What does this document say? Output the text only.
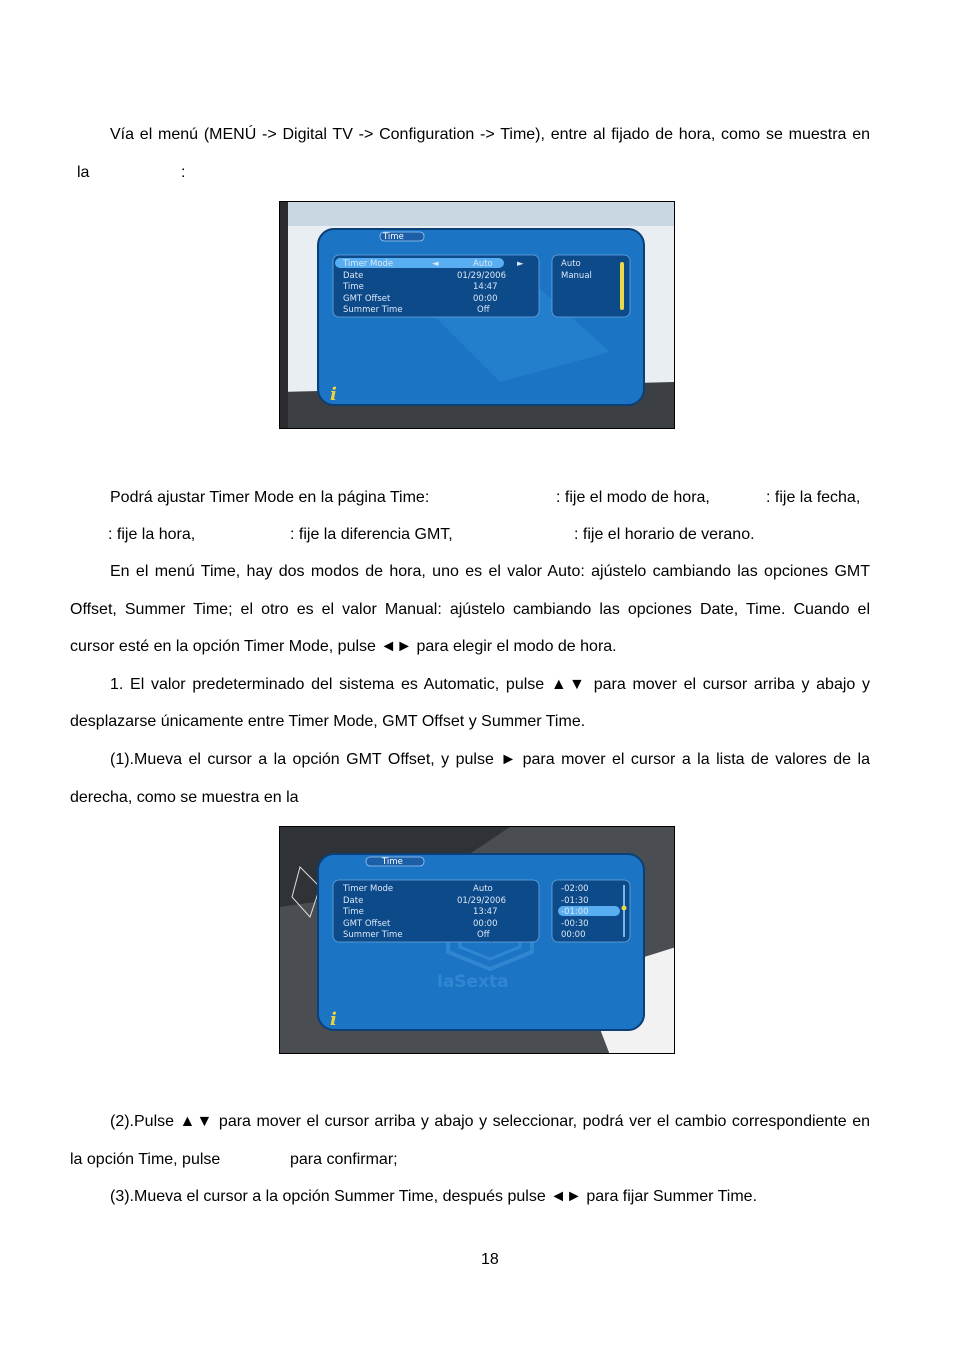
Vía el menú (MENÚ -> Digital TV -> Configuration -> Time), entre al fijado de hora, como se muestra en
la	:
Time
Timer Mode	◄	Auto	►
Date	01/29/2006
Time	14:47
GMT Offset	00:00
Summer Time	Off
Auto
Manual
i
Podrá ajustar Timer Mode en la página Time:	: fije el modo de hora,	: fije la fecha,
: fije la hora,	: fije la diferencia GMT,	: fije el horario de verano.
En el menú Time, hay dos modos de hora, uno es el valor Auto: ajústelo cambiando las opciones GMT
Offset, Summer Time; el otro es el valor Manual: ajústelo cambiando las opciones Date, Time. Cuando el
cursor esté en la opción Timer Mode, pulse ◄► para elegir el modo de hora.
1. El valor predeterminado del sistema es Automatic, pulse ▲▼ para mover el cursor arriba y abajo y
desplazarse únicamente entre Timer Mode, GMT Offset y Summer Time.
(1).Mueva el cursor a la opción GMT Offset, y pulse ► para mover el cursor a la lista de valores de la
derecha, como se muestra en la
laSexta
Time
Timer Mode	Auto
Date	01/29/2006
Time	13:47
GMT Offset	00:00
Summer Time	Off
-02:00
-01:30
-01:00
-00:30
00:00
i
(2).Pulse ▲▼ para mover el cursor arriba y abajo y seleccionar, podrá ver el cambio correspondiente en
la opción Time, pulse	para confirmar;
(3).Mueva el cursor a la opción Summer Time, después pulse ◄► para fijar Summer Time.
18
